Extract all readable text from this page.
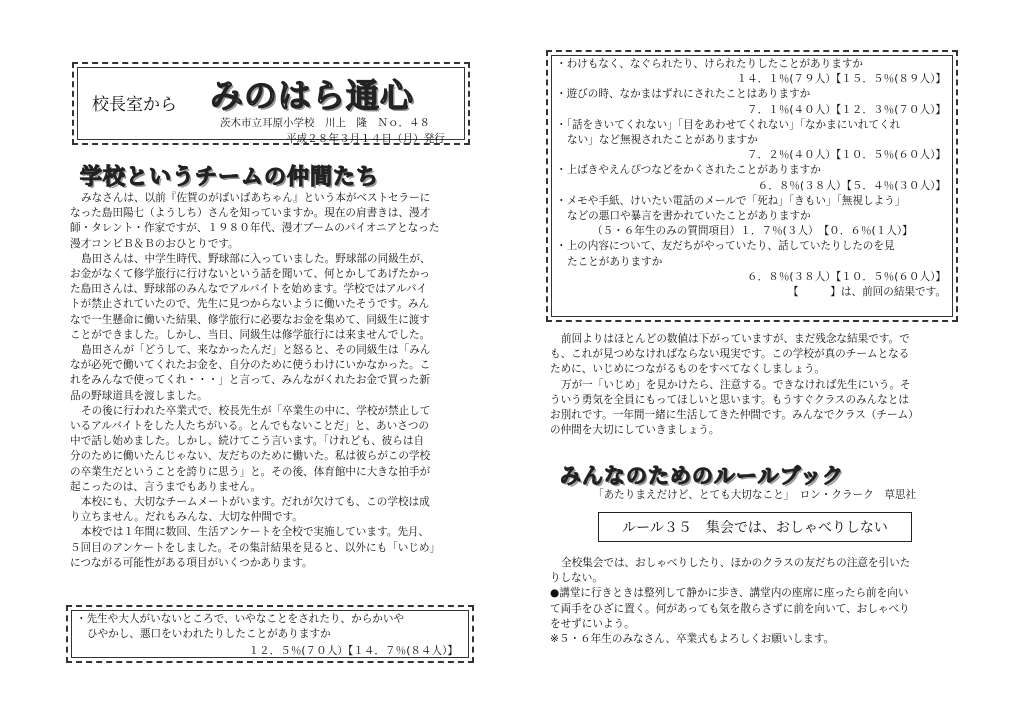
校長室から みのはら通心
茨木市立耳原小学校　川上　隆　Ｎｏ．４８
平成２８年３月１４日（月）発行
学校というチームの仲間たち

みなさんは、以前『佐賀のがばいばあちゃん』という本がベストセラーに

なった島田陽七（ようしち）さんを知っていますか。現在の肩書きは、漫才

師・タレント・作家ですが、１９８０年代、漫才ブームのパイオニアとなった

漫才コンビＢ＆Ｂのおひとりです。

島田さんは、中学生時代、野球部に入っていました。野球部の同級生が、

お金がなくて修学旅行に行けないという話を聞いて、何とかしてあげたかっ

た島田さんは、野球部のみんなでアルバイトを始めます。学校ではアルバイ

トが禁止されていたので、先生に見つからないように働いたそうです。みん

なで一生懸命に働いた結果、修学旅行に必要なお金を集めて、同級生に渡す

ことができました。しかし、当日、同級生は修学旅行には来ませんでした。

島田さんが「どうして、来なかったんだ」と怒ると、その同級生は「みん

なが必死で働いてくれたお金を、自分のために使うわけにいかなかった。こ

れをみんなで使ってくれ・・・」と言って、みんながくれたお金で買った新

品の野球道具を渡しました。

その後に行われた卒業式で、校長先生が「卒業生の中に、学校が禁止して

いるアルバイトをした人たちがいる。とんでもないことだ」と、あいさつの

中で話し始めました。しかし、続けてこう言います。「けれども、彼らは自

分のために働いたんじゃない、友だちのために働いた。私は彼らがこの学校

の卒業生だということを誇りに思う」と。その後、体育館中に大きな拍手が

起こったのは、言うまでもありません。

本校にも、大切なチームメートがいます。だれが欠けても、この学校は成

り立ちません。だれもみんな、大切な仲間です。

本校では１年間に数回、生活アンケートを全校で実施しています。先月、

５回目のアンケートをしました。その集計結果を見ると、以外にも「いじめ」

につながる可能性がある項目がいくつかあります。

・先生や大人がいないところで、いやなことをされたり、からかいや

ひやかし、悪口をいわれたりしたことがありますか

１２．５％(７０人）【１４．７％(８４人）】

・わけもなく、なぐられたり、けられたりしたことがありますか

１４．１％(７９人）【１５．５％(８９人）】

・遊びの時、なかまはずれにされたことはありますか

７．１％(４０人）【１２．３％(７０人）】

・「話をきいてくれない」「目をあわせてくれない」「なかまにいれてくれ

ない」など無視されたことがありますか

７．２％(４０人）【１０．５％(６０人）】

・上ばきやえんぴつなどをかくされたことがありますか

６．８％(３８人）【５．４％(３０人）】

・メモや手紙、けいたい電話のメールで「死ね」「きもい」「無視しよう」

などの悪口や暴言を書かれていたことがありますか

（５・６年生のみの質問項目）１．７％(３人）　【０．６％(１人）】

・上の内容について、友だちがやっていたり、話していたりしたのを見

たことがありますか

６．８％(３８人）【１０．５％(６０人）】

【　　　】は、前回の結果です。

前回よりはほとんどの数値は下がっていますが、まだ残念な結果です。で

も、これが見つめなければならない現実です。この学校が真のチームとなる

ために、いじめにつながるものをすべてなくしましょう。

万が一「いじめ」を見かけたら、注意する。できなければ先生にいう。そ

ういう勇気を全員にもってほしいと思います。もうすぐクラスのみんなとは

お別れです。一年間一緒に生活してきた仲間です。みんなでクラス（チーム）

の仲間を大切にしていきましょう。

みんなのためのルールブック

「あたりまえだけど、とても大切なこと」　ロン・クラーク　草思社

ルール３５　集会では、おしゃべりしない

全校集会では、おしゃべりしたり、ほかのクラスの友だちの注意を引いた

りしない。

●講堂に行きときは整列して静かに歩き、講堂内の座席に座ったら前を向い

て両手をひざに置く。何があっても気を散らさずに前を向いて、おしゃべり

をせずにいよう。

※５・６年生のみなさん、卒業式もよろしくお願いします。
